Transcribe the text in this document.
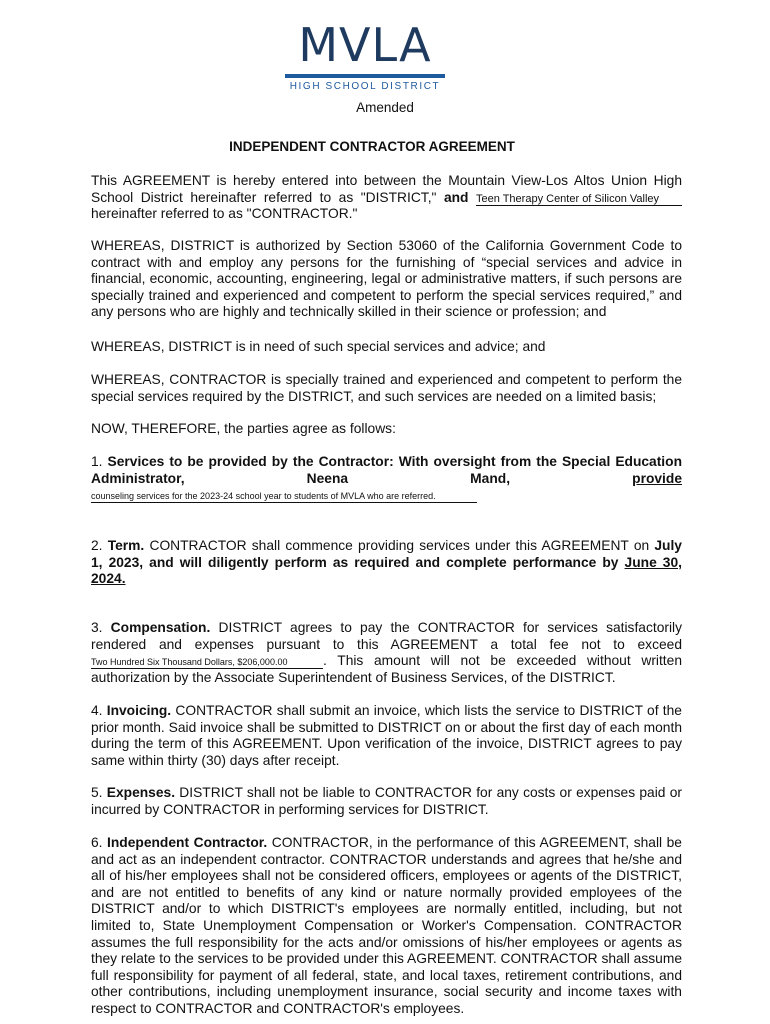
MVLA
HIGH SCHOOL DISTRICT
Amended
INDEPENDENT CONTRACTOR AGREEMENT
This AGREEMENT is hereby entered into between the Mountain View-Los Altos Union High School District hereinafter referred to as "DISTRICT," and Teen Therapy Center of Silicon Valley hereinafter referred to as "CONTRACTOR."
WHEREAS, DISTRICT is authorized by Section 53060 of the California Government Code to contract with and employ any persons for the furnishing of “special services and advice in financial, economic, accounting, engineering, legal or administrative matters, if such persons are specially trained and experienced and competent to perform the special services required,” and any persons who are highly and technically skilled in their science or profession; and
WHEREAS, DISTRICT is in need of such special services and advice; and
WHEREAS, CONTRACTOR is specially trained and experienced and competent to perform the special services required by the DISTRICT, and such services are needed on a limited basis;
NOW, THEREFORE, the parties agree as follows:
1. Services to be provided by the Contractor: With oversight from the Special Education Administrator, Neena Mand, provide counseling services for the 2023-24 school year to students of MVLA who are referred.
2. Term. CONTRACTOR shall commence providing services under this AGREEMENT on July 1, 2023, and will diligently perform as required and complete performance by June 30, 2024.
3. Compensation. DISTRICT agrees to pay the CONTRACTOR for services satisfactorily rendered and expenses pursuant to this AGREEMENT a total fee not to exceed Two Hundred Six Thousand Dollars, $206,000.00	. This amount will not be exceeded without written authorization by the Associate Superintendent of Business Services, of the DISTRICT.
4. Invoicing. CONTRACTOR shall submit an invoice, which lists the service to DISTRICT of the prior month. Said invoice shall be submitted to DISTRICT on or about the first day of each month during the term of this AGREEMENT. Upon verification of the invoice, DISTRICT agrees to pay same within thirty (30) days after receipt.
5. Expenses. DISTRICT shall not be liable to CONTRACTOR for any costs or expenses paid or incurred by CONTRACTOR in performing services for DISTRICT.
6. Independent Contractor. CONTRACTOR, in the performance of this AGREEMENT, shall be and act as an independent contractor. CONTRACTOR understands and agrees that he/she and all of his/her employees shall not be considered officers, employees or agents of the DISTRICT, and are not entitled to benefits of any kind or nature normally provided employees of the DISTRICT and/or to which DISTRICT's employees are normally entitled, including, but not limited to, State Unemployment Compensation or Worker's Compensation. CONTRACTOR assumes the full responsibility for the acts and/or omissions of his/her employees or agents as they relate to the services to be provided under this AGREEMENT. CONTRACTOR shall assume full responsibility for payment of all federal, state, and local taxes, retirement contributions, and other contributions, including unemployment insurance, social security and income taxes with respect to CONTRACTOR and CONTRACTOR's employees.
